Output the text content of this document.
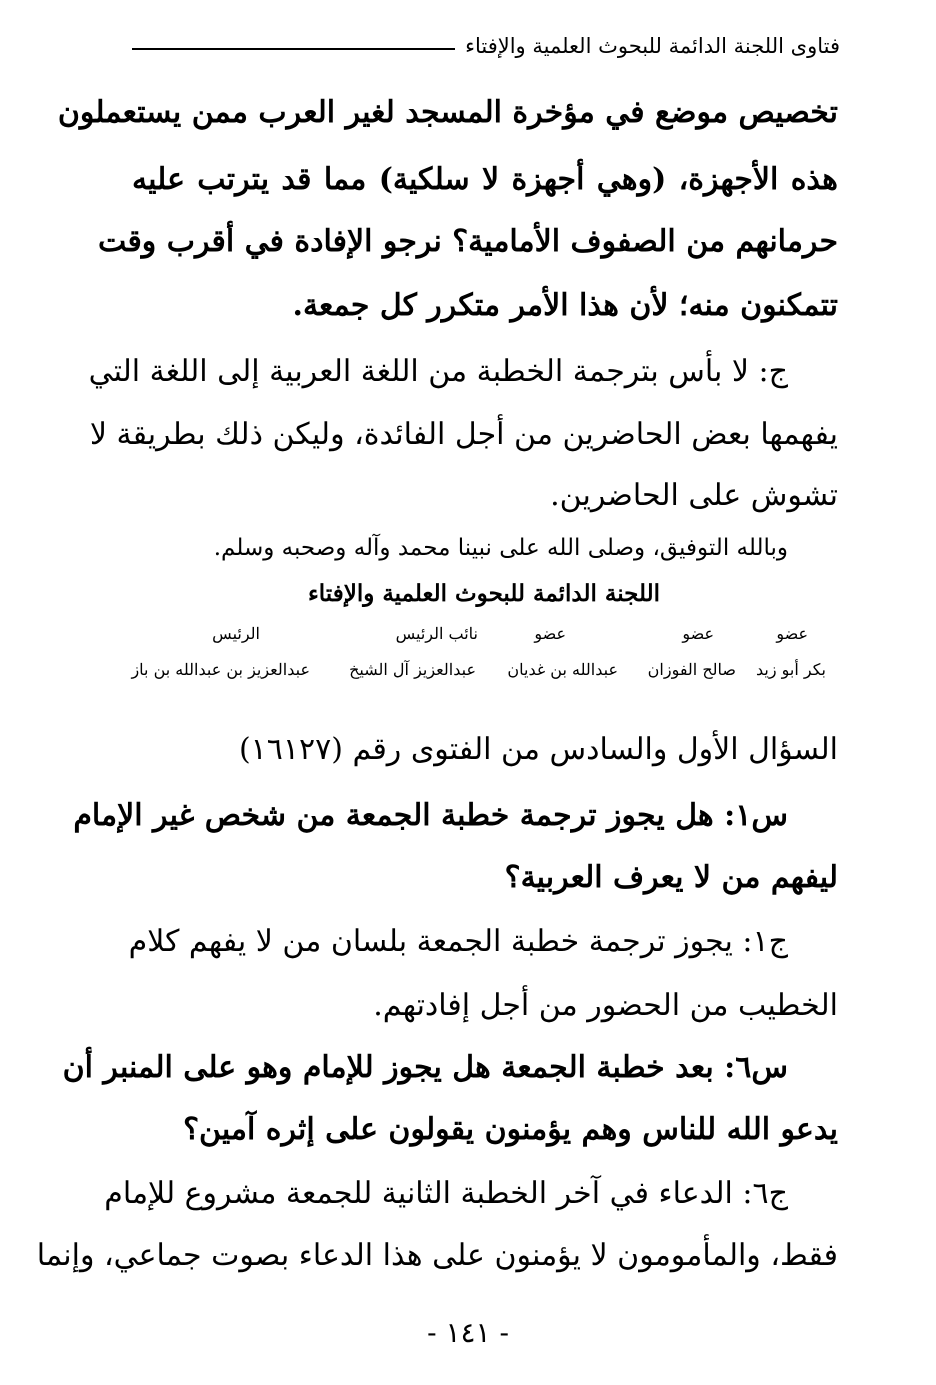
فتاوى اللجنة الدائمة للبحوث العلمية والإفتاء
تخصيص موضع في مؤخرة المسجد لغير العرب ممن يستعملون
هذه الأجهزة، (وهي أجهزة لا سلكية) مما قد يترتب عليه
حرمانهم من الصفوف الأمامية؟ نرجو الإفادة في أقرب وقت
تتمكنون منه؛ لأن هذا الأمر متكرر كل جمعة.
ج: لا بأس بترجمة الخطبة من اللغة العربية إلى اللغة التي
يفهمها بعض الحاضرين من أجل الفائدة، وليكن ذلك بطريقة لا
تشوش على الحاضرين.
وبالله التوفيق، وصلى الله على نبينا محمد وآله وصحبه وسلم.
اللجنة الدائمة للبحوث العلمية والإفتاء
عضو
عضو
عضو
نائب الرئيس
الرئيس
بكر أبو زيد
صالح الفوزان
عبدالله بن غديان
عبدالعزيز آل الشيخ
عبدالعزيز بن عبدالله بن باز
السؤال الأول والسادس من الفتوى رقم (١٦١٢٧)
س١: هل يجوز ترجمة خطبة الجمعة من شخص غير الإمام
ليفهم من لا يعرف العربية؟
ج١: يجوز ترجمة خطبة الجمعة بلسان من لا يفهم كلام
الخطيب من الحضور من أجل إفادتهم.
س٦: بعد خطبة الجمعة هل يجوز للإمام وهو على المنبر أن
يدعو الله للناس وهم يؤمنون يقولون على إثره آمين؟
ج٦: الدعاء في آخر الخطبة الثانية للجمعة مشروع للإمام
فقط، والمأمومون لا يؤمنون على هذا الدعاء بصوت جماعي، وإنما
- ١٤١ -
